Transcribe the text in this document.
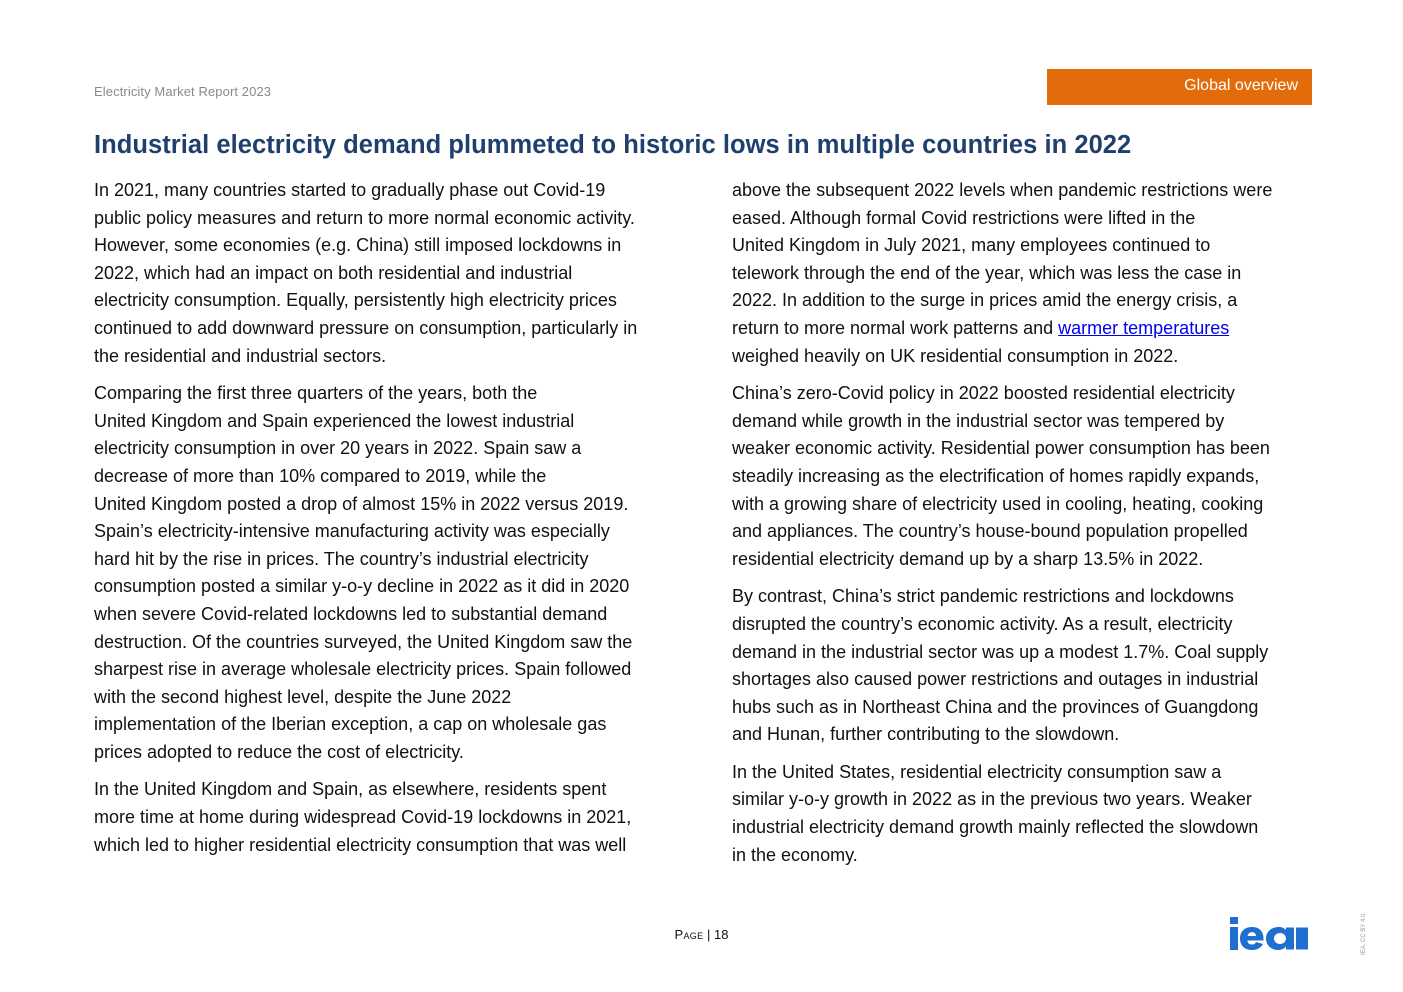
Electricity Market Report 2023	Global overview
Industrial electricity demand plummeted to historic lows in multiple countries in 2022

In 2021, many countries started to gradually phase out Covid-19
public policy measures and return to more normal economic activity.
However, some economies (e.g. China) still imposed lockdowns in
2022, which had an impact on both residential and industrial
electricity consumption. Equally, persistently high electricity prices
continued to add downward pressure on consumption, particularly in
the residential and industrial sectors.

Comparing the first three quarters of the years, both the
United Kingdom and Spain experienced the lowest industrial
electricity consumption in over 20 years in 2022. Spain saw a
decrease of more than 10% compared to 2019, while the
United Kingdom posted a drop of almost 15% in 2022 versus 2019.
Spain’s electricity-intensive manufacturing activity was especially
hard hit by the rise in prices. The country’s industrial electricity
consumption posted a similar y-o-y decline in 2022 as it did in 2020
when severe Covid-related lockdowns led to substantial demand
destruction. Of the countries surveyed, the United Kingdom saw the
sharpest rise in average wholesale electricity prices. Spain followed
with the second highest level, despite the June 2022
implementation of the Iberian exception, a cap on wholesale gas
prices adopted to reduce the cost of electricity.

In the United Kingdom and Spain, as elsewhere, residents spent
more time at home during widespread Covid-19 lockdowns in 2021,
which led to higher residential electricity consumption that was well

above the subsequent 2022 levels when pandemic restrictions were
eased. Although formal Covid restrictions were lifted in the
United Kingdom in July 2021, many employees continued to
telework through the end of the year, which was less the case in
2022. In addition to the surge in prices amid the energy crisis, a
return to more normal work patterns and warmer temperatures
weighed heavily on UK residential consumption in 2022.

China’s zero-Covid policy in 2022 boosted residential electricity
demand while growth in the industrial sector was tempered by
weaker economic activity. Residential power consumption has been
steadily increasing as the electrification of homes rapidly expands,
with a growing share of electricity used in cooling, heating, cooking
and appliances. The country’s house-bound population propelled
residential electricity demand up by a sharp 13.5% in 2022.

By contrast, China’s strict pandemic restrictions and lockdowns
disrupted the country’s economic activity. As a result, electricity
demand in the industrial sector was up a modest 1.7%. Coal supply
shortages also caused power restrictions and outages in industrial
hubs such as in Northeast China and the provinces of Guangdong
and Hunan, further contributing to the slowdown.

In the United States, residential electricity consumption saw a
similar y-o-y growth in 2022 as in the previous two years. Weaker
industrial electricity demand growth mainly reflected the slowdown
in the economy.

Page | 18	IEA. CC BY 4.0.
